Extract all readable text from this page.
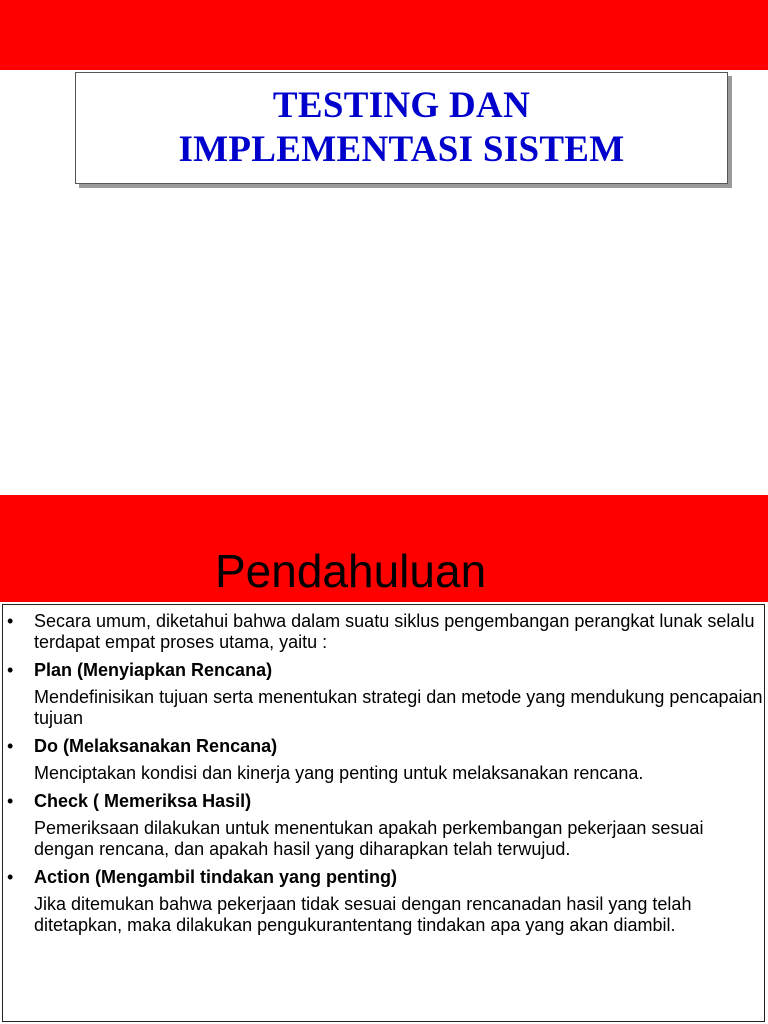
TESTING DAN
IMPLEMENTASI SISTEM
Pendahuluan
• Secara umum, diketahui bahwa dalam suatu siklus pengembangan perangkat lunak selalu terdapat empat proses utama, yaitu :
• Plan (Menyiapkan Rencana)
Mendefinisikan tujuan serta menentukan strategi dan metode yang mendukung pencapaian tujuan
• Do (Melaksanakan Rencana)
Menciptakan kondisi dan kinerja yang penting untuk melaksanakan rencana.
• Check ( Memeriksa Hasil)
Pemeriksaan dilakukan untuk menentukan apakah perkembangan pekerjaan sesuai dengan rencana, dan apakah hasil yang diharapkan telah terwujud.
• Action (Mengambil tindakan yang penting)
Jika ditemukan bahwa pekerjaan tidak sesuai dengan rencanadan hasil yang telah ditetapkan, maka dilakukan pengukurantentang tindakan apa yang akan diambil.
